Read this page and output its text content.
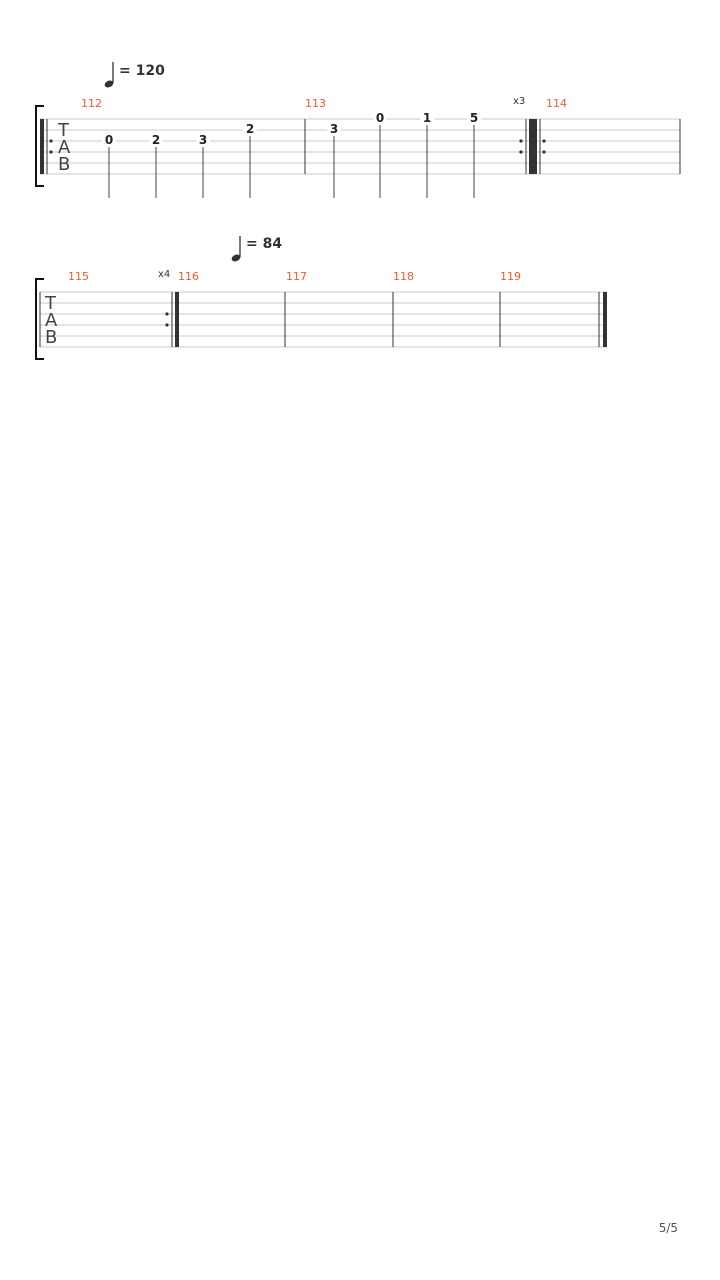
= 120
112	113	x3 114
T
A
B
0	2	3
2	3
0	1	5
= 84
115	x4 116	117	118	119
T
A
B
5/5
